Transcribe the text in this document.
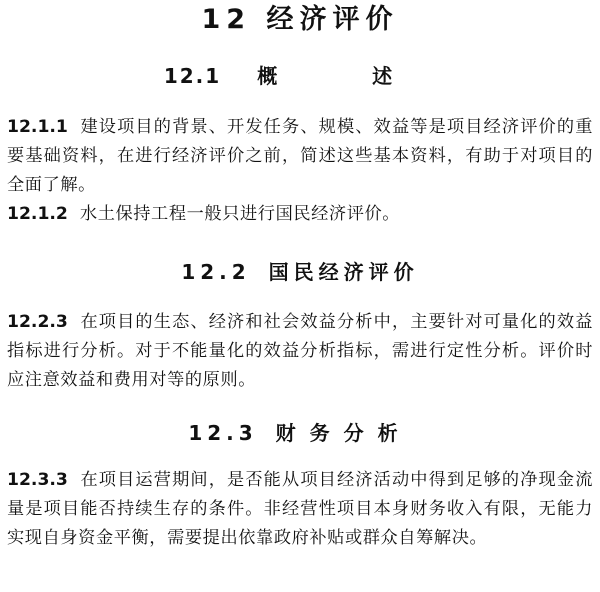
12 经济评价
12.1 概 述
12.1.1 建设项目的背景、开发任务、规模、效益等是项目经济评价的重要基础资料，在进行经济评价之前，简述这些基本资料，有助于对项目的全面了解。
12.1.2 水土保持工程一般只进行国民经济评价。
12.2 国民经济评价
12.2.3 在项目的生态、经济和社会效益分析中，主要针对可量化的效益指标进行分析。对于不能量化的效益分析指标，需进行定性分析。评价时应注意效益和费用对等的原则。
12.3 财务分析
12.3.3 在项目运营期间，是否能从项目经济活动中得到足够的净现金流量是项目能否持续生存的条件。非经营性项目本身财务收入有限，无能力实现自身资金平衡，需要提出依靠政府补贴或群众自筹解决。
